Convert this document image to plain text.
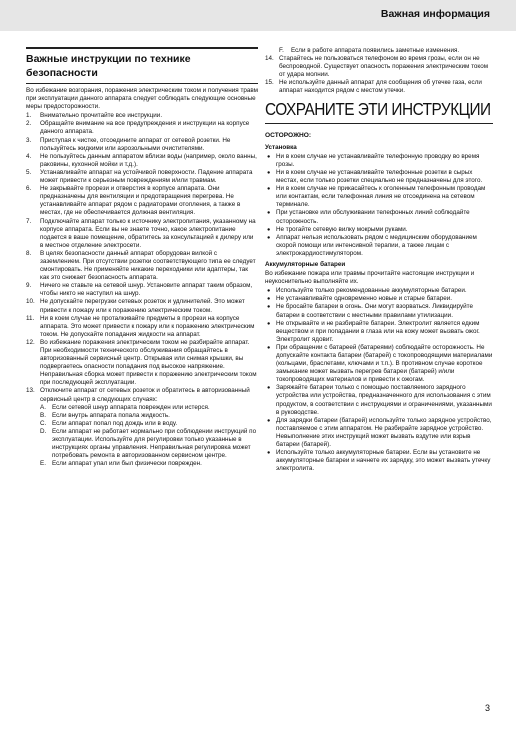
Важная информация
Важные инструкции по технике безопасности

Во избежание возгорания, поражения электрическим током и получения травм при эксплуатации данного аппарата следует соблюдать следующие основные меры предосторожности.

1. Внимательно прочитайте все инструкции.
2. Обращайте внимание на все предупреждения и инструкции на корпусе данного аппарата.
3. Приступая к чистке, отсоедините аппарат от сетевой розетки. Не пользуйтесь жидкими или аэрозольными очистителями.
4. Не пользуйтесь данным аппаратом вблизи воды (например, около ванны, раковины, кухонной мойки и т.д.).
5. Устанавливайте аппарат на устойчивой поверхности. Падение аппарата может привести к серьезным повреждениям и/или травмам.
6. Не закрывайте прорези и отверстия в корпусе аппарата. Они предназначены для вентиляции и предотвращения перегрева. Не устанавливайте аппарат рядом с радиаторами отопления, а также в местах, где не обеспечивается должная вентиляция.
7. Подключайте аппарат только к источнику электропитания, указанному на корпусе аппарата. Если вы не знаете точно, какое электропитание подается в ваше помещение, обратитесь за консультацией к дилеру или в местное отделение электросети.
8. В целях безопасности данный аппарат оборудован вилкой с заземлением. При отсутствии розетки соответствующего типа ее следует смонтировать. Не применяйте никакие переходники или адаптеры, так как это снижает безопасность аппарата.
9. Ничего не ставьте на сетевой шнур. Установите аппарат таким образом, чтобы никто не наступил на шнур.
10. Не допускайте перегрузки сетевых розеток и удлинителей. Это может привести к пожару или к поражению электрическим током.
11. Ни в коем случае не проталкивайте предметы в прорези на корпусе аппарата. Это может привести к пожару или к поражению электрическим током. Не допускайте попадания жидкости на аппарат.
12. Во избежание поражения электрическим током не разбирайте аппарат. При необходимости технического обслуживания обращайтесь в авторизованный сервисный центр. Открывая или снимая крышки, вы подвергаетесь опасности попадания под высокое напряжение. Неправильная сборка может привести к поражению электрическим током при последующей эксплуатации.
13. Отключите аппарат от сетевых розеток и обратитесь в авторизованный сервисный центр в следующих случаях:
A. Если сетевой шнур аппарата поврежден или истерся.
B. Если внутрь аппарата попала жидкость.
C. Если аппарат попал под дождь или в воду.
D. Если аппарат не работает нормально при соблюдении инструкций по эксплуатации. Используйте для регулировки только указанные в инструкциях органы управления. Неправильная регулировка может потребовать ремонта в авторизованном сервисном центре.
E. Если аппарат упал или был физически поврежден.
F. Если в работе аппарата появились заметные изменения.
14. Старайтесь не пользоваться телефоном во время грозы, если он не беспроводной. Существует опасность поражения электрическим током от удара молнии.
15. Не используйте данный аппарат для сообщения об утечке газа, если аппарат находится рядом с местом утечки.
СОХРАНИТЕ ЭТИ ИНСТРУКЦИИ
ОСТОРОЖНО:
Установка
● Ни в коем случае не устанавливайте телефонную проводку во время грозы.
● Ни в коем случае не устанавливайте телефонные розетки в сырых местах, если только розетки специально не предназначены для этого.
● Ни в коем случае не прикасайтесь к оголенным телефонным проводам или контактам, если телефонная линия не отсоединена на сетевом терминале.
● При установке или обслуживании телефонных линий соблюдайте осторожность.
● Не трогайте сетевую вилку мокрыми руками.
● Аппарат нельзя использовать рядом с медицинским оборудованием скорой помощи или интенсивной терапии, а также лицам с электрокардиостимулятором.
Аккумуляторные батареи

Во избежание пожара или травмы прочитайте настоящие инструкции и неукоснительно выполняйте их.

● Используйте только рекомендованные аккумуляторные батареи.
● Не устанавливайте одновременно новые и старые батареи.
● Не бросайте батареи в огонь. Они могут взорваться. Ликвидируйте батареи в соответствии с местными правилами утилизации.
● Не открывайте и не разбирайте батареи. Электролит является едким веществом и при попадании в глаза или на кожу может вызвать ожог. Электролит ядовит.
● При обращении с батареей (батареями) соблюдайте осторожность. Не допускайте контакта батареи (батарей) с токопроводящими материалами (кольцами, браслетами, ключами и т.п.). В противном случае короткое замыкание может вызвать перегрев батареи (батарей) и/или токопроводящих материалов и привести к ожогам.
● Заряжайте батареи только с помощью поставляемого зарядного устройства или устройства, предназначенного для использования с этим продуктом, в соответствии с инструкциями и ограничениями, указанными в руководстве.
● Для зарядки батареи (батарей) используйте только зарядное устройство, поставляемое с этим аппаратом. Не разбирайте зарядное устройство. Невыполнение этих инструкций может вызвать вздутие или взрыв батареи (батарей).
● Используйте только аккумуляторные батареи. Если вы установите не аккумуляторные батареи и начнете их зарядку, это может вызвать утечку электролита.
3
